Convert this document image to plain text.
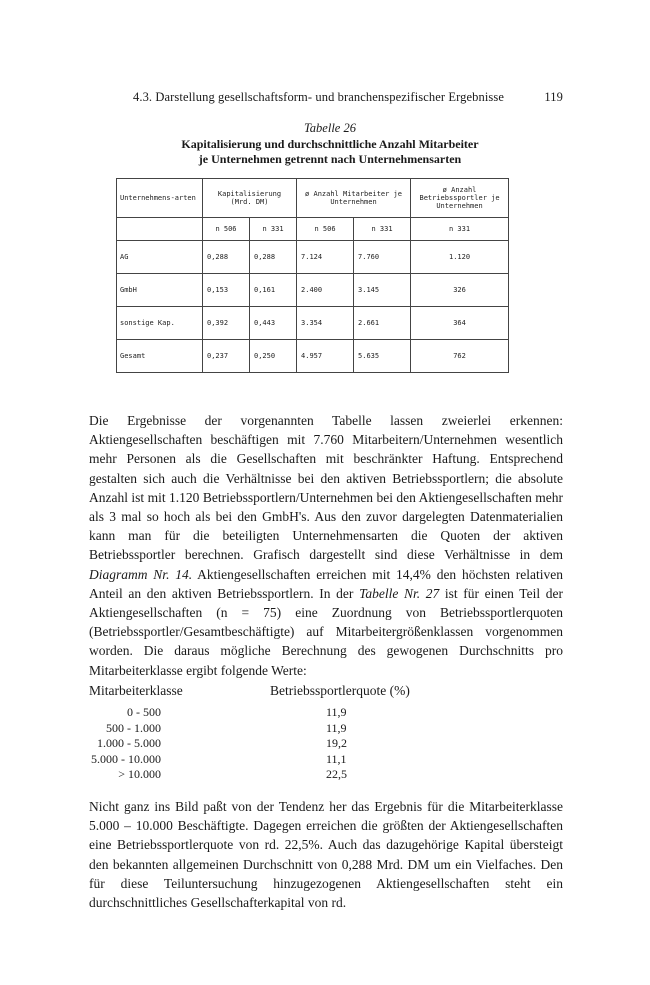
4.3. Darstellung gesellschaftsform- und branchenspezifischer Ergebnisse	119
Tabelle 26
Kapitalisierung und durchschnittliche Anzahl Mitarbeiter
je Unternehmen getrennt nach Unternehmensarten
Unternehmens-arten	Kapitalisierung (Mrd. DM)		ø Anzahl Mitarbeiter je Unternehmen		ø Anzahl Betriebssportler je Unternehmen
	n 506	n 331	n 506	n 331	n 331
AG	0,288	0,288	7.124	7.760	1.120
GmbH	0,153	0,161	2.400	3.145	326
sonstige Kap.	0,392	0,443	3.354	2.661	364
Gesamt	0,237	0,250	4.957	5.635	762

Die Ergebnisse der vorgenannten Tabelle lassen zweierlei erkennen: Aktiengesellschaften beschäftigen mit 7.760 Mitarbeitern/Unternehmen wesentlich mehr Personen als die Gesellschaften mit beschränkter Haftung. Entsprechend gestalten sich auch die Verhältnisse bei den aktiven Betriebssportlern; die absolute Anzahl ist mit 1.120 Betriebssportlern/Unternehmen bei den Aktiengesellschaften mehr als 3 mal so hoch als bei den GmbH's. Aus den zuvor dargelegten Datenmaterialien kann man für die beteiligten Unternehmensarten die Quoten der aktiven Betriebssportler berechnen. Grafisch dargestellt sind diese Verhältnisse in dem Diagramm Nr. 14. Aktiengesellschaften erreichen mit 14,4% den höchsten relativen Anteil an den aktiven Betriebssportlern. In der Tabelle Nr. 27 ist für einen Teil der Aktiengesellschaften (n = 75) eine Zuordnung von Betriebssportlerquoten (Betriebssportler/Gesamtbeschäftigte) auf Mitarbeitergrößenklassen vorgenommen worden. Die daraus mögliche Berechnung des gewogenen Durchschnitts pro Mitarbeiterklasse ergibt folgende Werte:

Mitarbeiterklasse	Betriebssportlerquote (%)
0 - 500	11,9
500 - 1.000	11,9
1.000 - 5.000	19,2
5.000 - 10.000	11,1
> 10.000	22,5

Nicht ganz ins Bild paßt von der Tendenz her das Ergebnis für die Mitarbeiterklasse 5.000 – 10.000 Beschäftigte. Dagegen erreichen die größten der Aktiengesellschaften eine Betriebssportlerquote von rd. 22,5%. Auch das dazugehörige Kapital übersteigt den bekannten allgemeinen Durchschnitt von 0,288 Mrd. DM um ein Vielfaches. Den für diese Teiluntersuchung hinzugezogenen Aktiengesellschaften steht ein durchschnittliches Gesellschafterkapital von rd.
